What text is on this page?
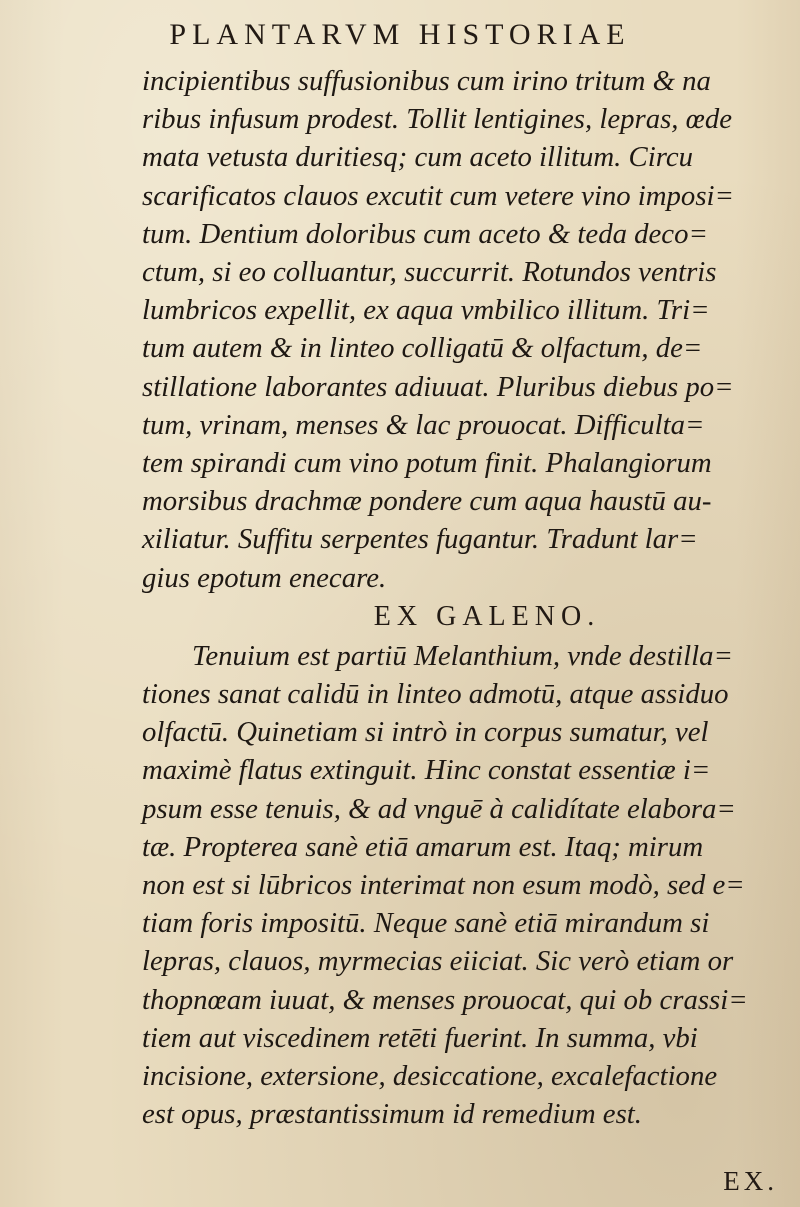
PLANTARVM HISTORIAE
incipientibus suffusionibus cum irino tritum & na
ribus infusum prodest. Tollit lentigines, lepras, œde
mata vetusta duritiesq; cum aceto illitum. Circu
scarificatos clauos excutit cum vetere vino imposi=
tum. Dentium doloribus cum aceto & teda deco=
ctum, si eo colluantur, succurrit. Rotundos ventris
lumbricos expellit, ex aqua vmbilico illitum. Tri=
tum autem & in linteo colligatū & olfactum, de=
stillatione laborantes adiuuat. Pluribus diebus po=
tum, vrinam, menses & lac prouocat. Difficulta=
tem spirandi cum vino potum finit. Phalangiorum
morsibus drachmæ pondere cum aqua haustū au-
xiliatur. Suffitu serpentes fugantur. Tradunt lar=
gius epotum enecare.
EX GALENO.
Tenuium est partiū Melanthium, vnde destilla=
tiones sanat calidū in linteo admotū, atque assiduo
olfactū. Quinetiam si intrò in corpus sumatur, vel
maximè flatus extinguit. Hinc constat essentiæ i=
psum esse tenuis, & ad vnguē à calidítate elabora=
tæ. Propterea sanè etiā amarum est. Itaq; mirum
non est si lūbricos interimat non esum modò, sed e=
tiam foris impositū. Neque sanè etiā mirandum si
lepras, clauos, myrmecias eiiciat. Sic verò etiam or
thopnœam iuuat, & menses prouocat, qui ob crassi=
tiem aut viscedinem retēti fuerint. In summa, vbi
incisione, extersione, desiccatione, excalefactione
est opus, præstantissimum id remedium est.
EX.
